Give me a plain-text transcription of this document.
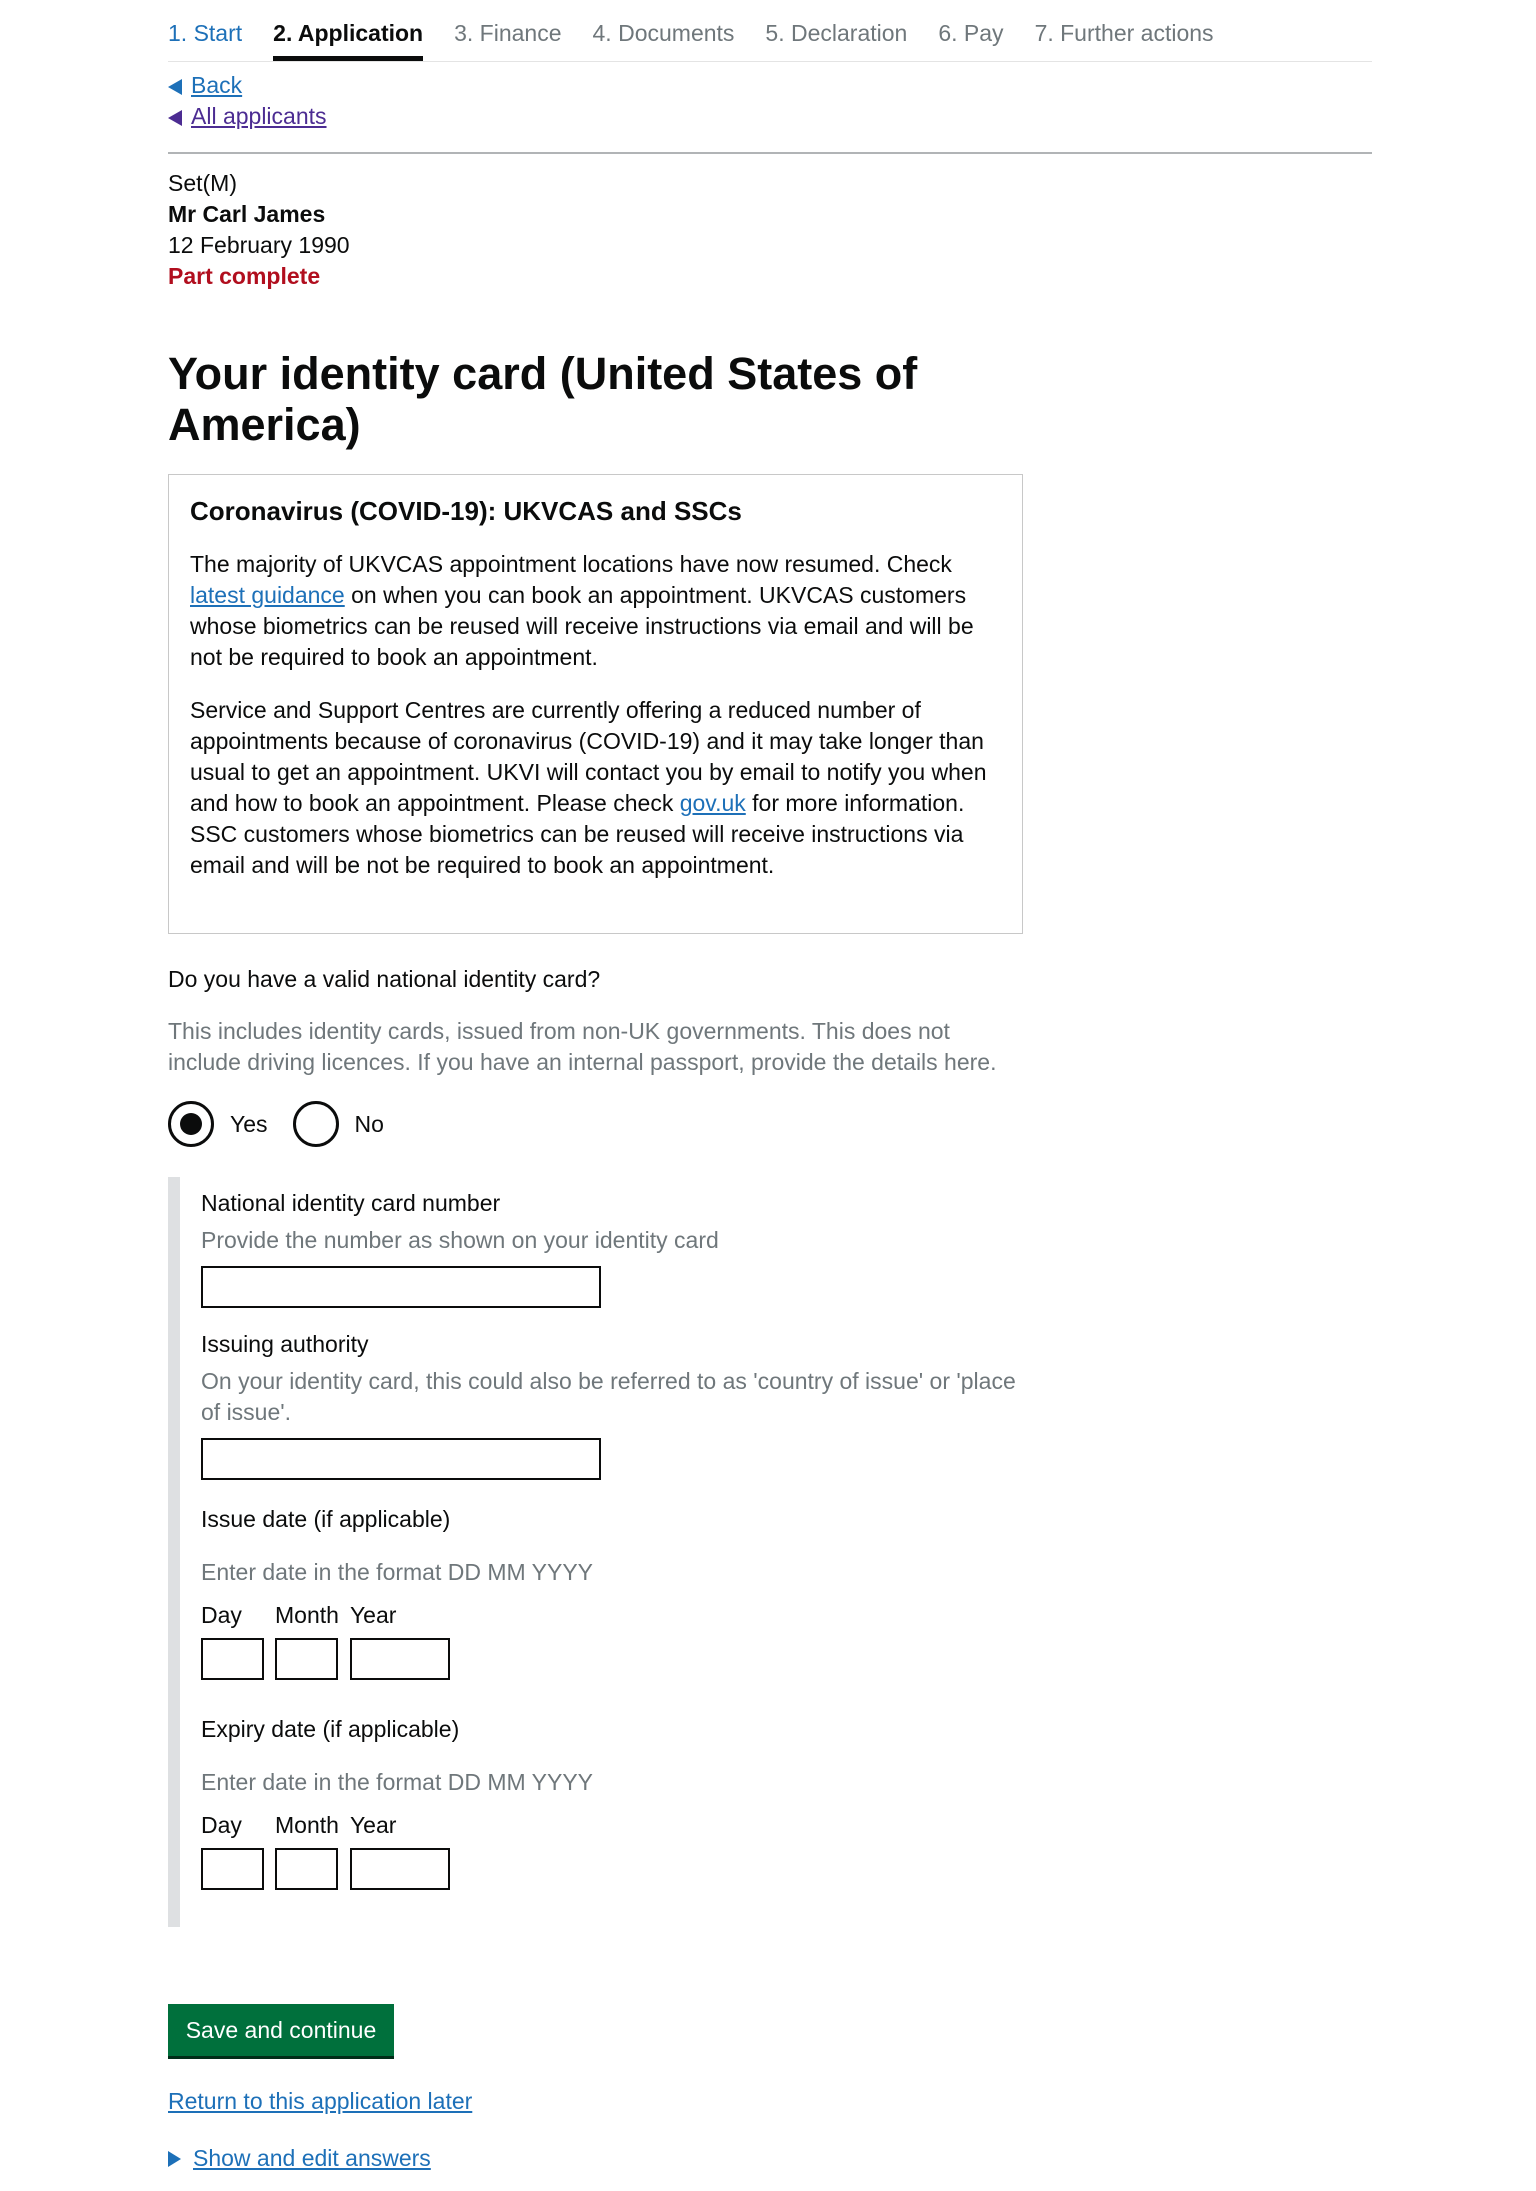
1. Start 2. Application 3. Finance 4. Documents 5. Declaration 6. Pay 7. Further actions
Back
All applicants
Set(M)
Mr Carl James
12 February 1990
Part complete
Your identity card (United States of America)
Coronavirus (COVID-19): UKVCAS and SSCs

The majority of UKVCAS appointment locations have now resumed. Check latest guidance on when you can book an appointment. UKVCAS customers whose biometrics can be reused will receive instructions via email and will be not be required to book an appointment.

Service and Support Centres are currently offering a reduced number of appointments because of coronavirus (COVID-19) and it may take longer than usual to get an appointment. UKVI will contact you by email to notify you when and how to book an appointment. Please check gov.uk for more information. SSC customers whose biometrics can be reused will receive instructions via email and will be not be required to book an appointment.

Do you have a valid national identity card?
This includes identity cards, issued from non-UK governments. This does not include driving licences. If you have an internal passport, provide the details here.
Yes	No
National identity card number
Provide the number as shown on your identity card
Issuing authority
On your identity card, this could also be referred to as 'country of issue' or 'place of issue'.
Issue date (if applicable)
Enter date in the format DD MM YYYY
Day	Month Year
Expiry date (if applicable)
Enter date in the format DD MM YYYY
Day	Month Year
Save and continue
Return to this application later
Show and edit answers
